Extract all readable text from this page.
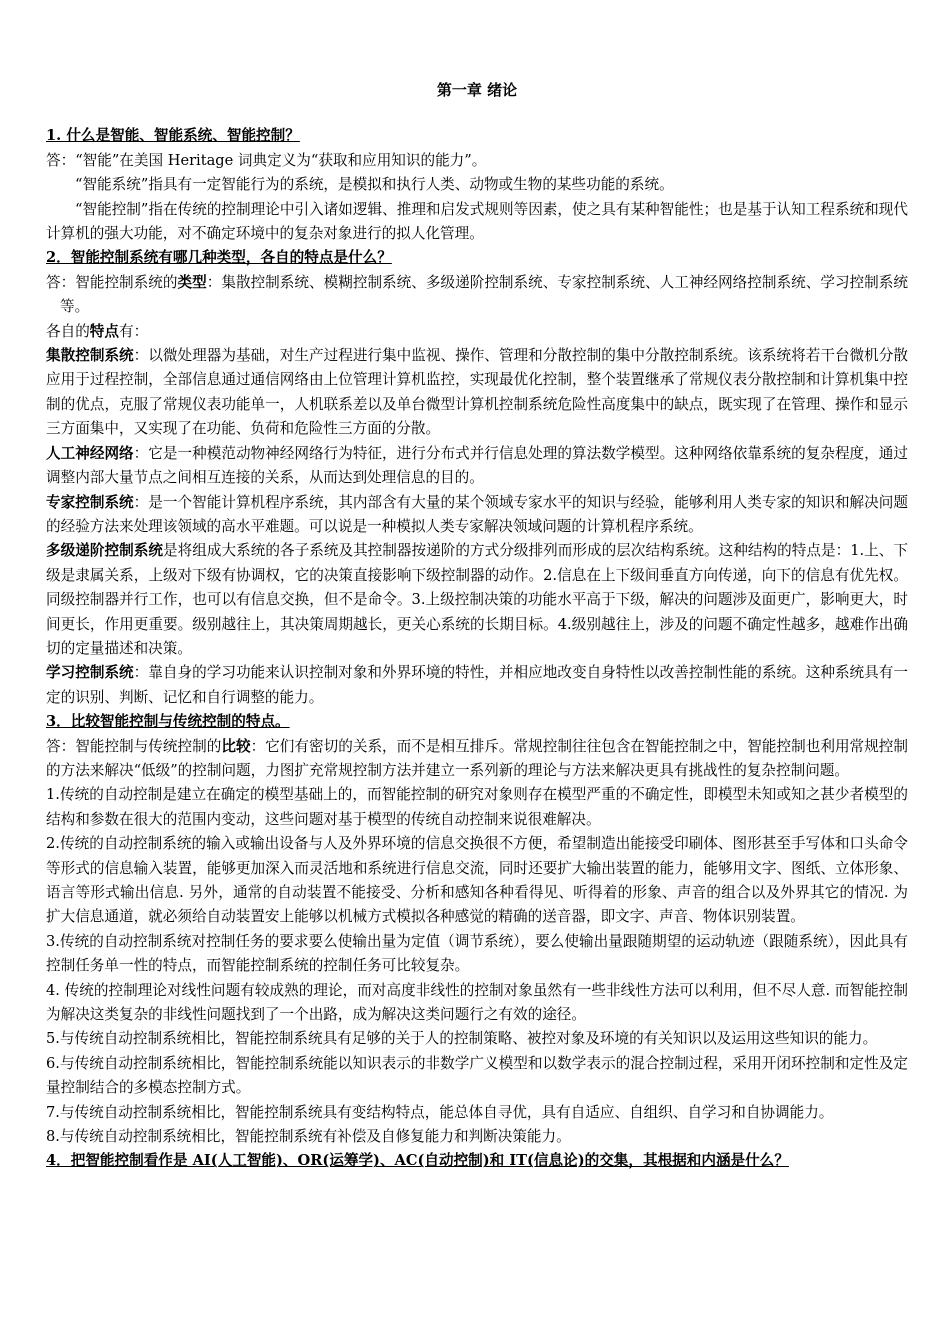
第一章 绪论

1. 什么是智能、智能系统、智能控制？

答：“智能”在美国 Heritage 词典定义为“获取和应用知识的能力”。

“智能系统”指具有一定智能行为的系统，是模拟和执行人类、动物或生物的某些功能的系统。

“智能控制”指在传统的控制理论中引入诸如逻辑、推理和启发式规则等因素，使之具有某种智能性；也是基于认知工程系统和现代计算机的强大功能，对不确定环境中的复杂对象进行的拟人化管理。

2．智能控制系统有哪几种类型，各自的特点是什么？

答：智能控制系统的类型：集散控制系统、模糊控制系统、多级递阶控制系统、专家控制系统、人工神经网络控制系统、学习控制系统等。

各自的特点有：

集散控制系统：以微处理器为基础，对生产过程进行集中监视、操作、管理和分散控制的集中分散控制系统。该系统将若干台微机分散应用于过程控制，全部信息通过通信网络由上位管理计算机监控，实现最优化控制，整个装置继承了常规仪表分散控制和计算机集中控制的优点，克服了常规仪表功能单一，人机联系差以及单台微型计算机控制系统危险性高度集中的缺点，既实现了在管理、操作和显示三方面集中，又实现了在功能、负荷和危险性三方面的分散。

人工神经网络：它是一种模范动物神经网络行为特征，进行分布式并行信息处理的算法数学模型。这种网络依靠系统的复杂程度，通过调整内部大量节点之间相互连接的关系，从而达到处理信息的目的。

专家控制系统：是一个智能计算机程序系统，其内部含有大量的某个领域专家水平的知识与经验，能够利用人类专家的知识和解决问题的经验方法来处理该领域的高水平难题。可以说是一种模拟人类专家解决领域问题的计算机程序系统。

多级递阶控制系统是将组成大系统的各子系统及其控制器按递阶的方式分级排列而形成的层次结构系统。这种结构的特点是：1.上、下级是隶属关系，上级对下级有协调权，它的决策直接影响下级控制器的动作。2.信息在上下级间垂直方向传递，向下的信息有优先权。同级控制器并行工作，也可以有信息交换，但不是命令。3.上级控制决策的功能水平高于下级，解决的问题涉及面更广，影响更大，时间更长，作用更重要。级别越往上，其决策周期越长，更关心系统的长期目标。4.级别越往上，涉及的问题不确定性越多，越难作出确切的定量描述和决策。

学习控制系统：靠自身的学习功能来认识控制对象和外界环境的特性，并相应地改变自身特性以改善控制性能的系统。这种系统具有一定的识别、判断、记忆和自行调整的能力。

3．比较智能控制与传统控制的特点。

答：智能控制与传统控制的比较：它们有密切的关系，而不是相互排斥。常规控制往往包含在智能控制之中，智能控制也利用常规控制的方法来解决“低级”的控制问题，力图扩充常规控制方法并建立一系列新的理论与方法来解决更具有挑战性的复杂控制问题。

1.传统的自动控制是建立在确定的模型基础上的，而智能控制的研究对象则存在模型严重的不确定性，即模型未知或知之甚少者模型的结构和参数在很大的范围内变动，这些问题对基于模型的传统自动控制来说很难解决。

2.传统的自动控制系统的输入或输出设备与人及外界环境的信息交换很不方便，希望制造出能接受印刷体、图形甚至手写体和口头命令等形式的信息输入装置，能够更加深入而灵活地和系统进行信息交流，同时还要扩大输出装置的能力，能够用文字、图纸、立体形象、语言等形式输出信息. 另外，通常的自动装置不能接受、分析和感知各种看得见、听得着的形象、声音的组合以及外界其它的情况. 为扩大信息通道，就必须给自动装置安上能够以机械方式模拟各种感觉的精确的送音器，即文字、声音、物体识别装置。

3.传统的自动控制系统对控制任务的要求要么使输出量为定值（调节系统），要么使输出量跟随期望的运动轨迹（跟随系统），因此具有控制任务单一性的特点，而智能控制系统的控制任务可比较复杂。

4. 传统的控制理论对线性问题有较成熟的理论，而对高度非线性的控制对象虽然有一些非线性方法可以利用，但不尽人意. 而智能控制为解决这类复杂的非线性问题找到了一个出路，成为解决这类问题行之有效的途径。

5.与传统自动控制系统相比，智能控制系统具有足够的关于人的控制策略、被控对象及环境的有关知识以及运用这些知识的能力。

6.与传统自动控制系统相比，智能控制系统能以知识表示的非数学广义模型和以数学表示的混合控制过程，采用开闭环控制和定性及定量控制结合的多模态控制方式。

7.与传统自动控制系统相比，智能控制系统具有变结构特点，能总体自寻优，具有自适应、自组织、自学习和自协调能力。

8.与传统自动控制系统相比，智能控制系统有补偿及自修复能力和判断决策能力。

4．把智能控制看作是 AI(人工智能)、OR(运筹学)、AC(自动控制)和 IT(信息论)的交集，其根据和内涵是什么？
